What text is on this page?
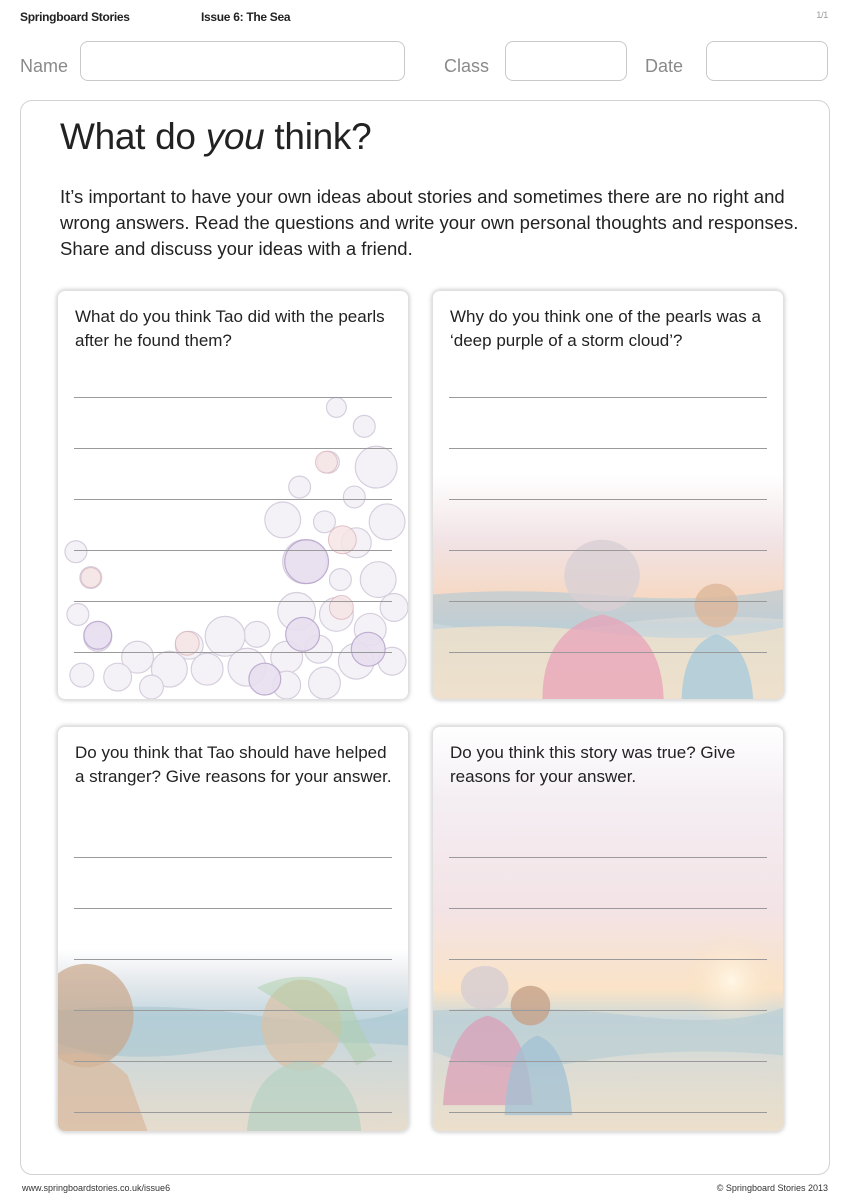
Springboard Stories	Issue 6: The Sea	1/1
Name	Class	Date
What do you think?

It’s important to have your own ideas about stories and sometimes there are no right and wrong answers. Read the questions and write your own personal thoughts and responses. Share and discuss your ideas with a friend.

What do you think Tao did with the pearls after he found them?

Why do you think one of the pearls was a ‘deep purple of a storm cloud’?

Do you think that Tao should have helped a stranger? Give reasons for your answer.

Do you think this story was true? Give reasons for your answer.

www.springboardstories.co.uk/issue6	© Springboard Stories 2013
